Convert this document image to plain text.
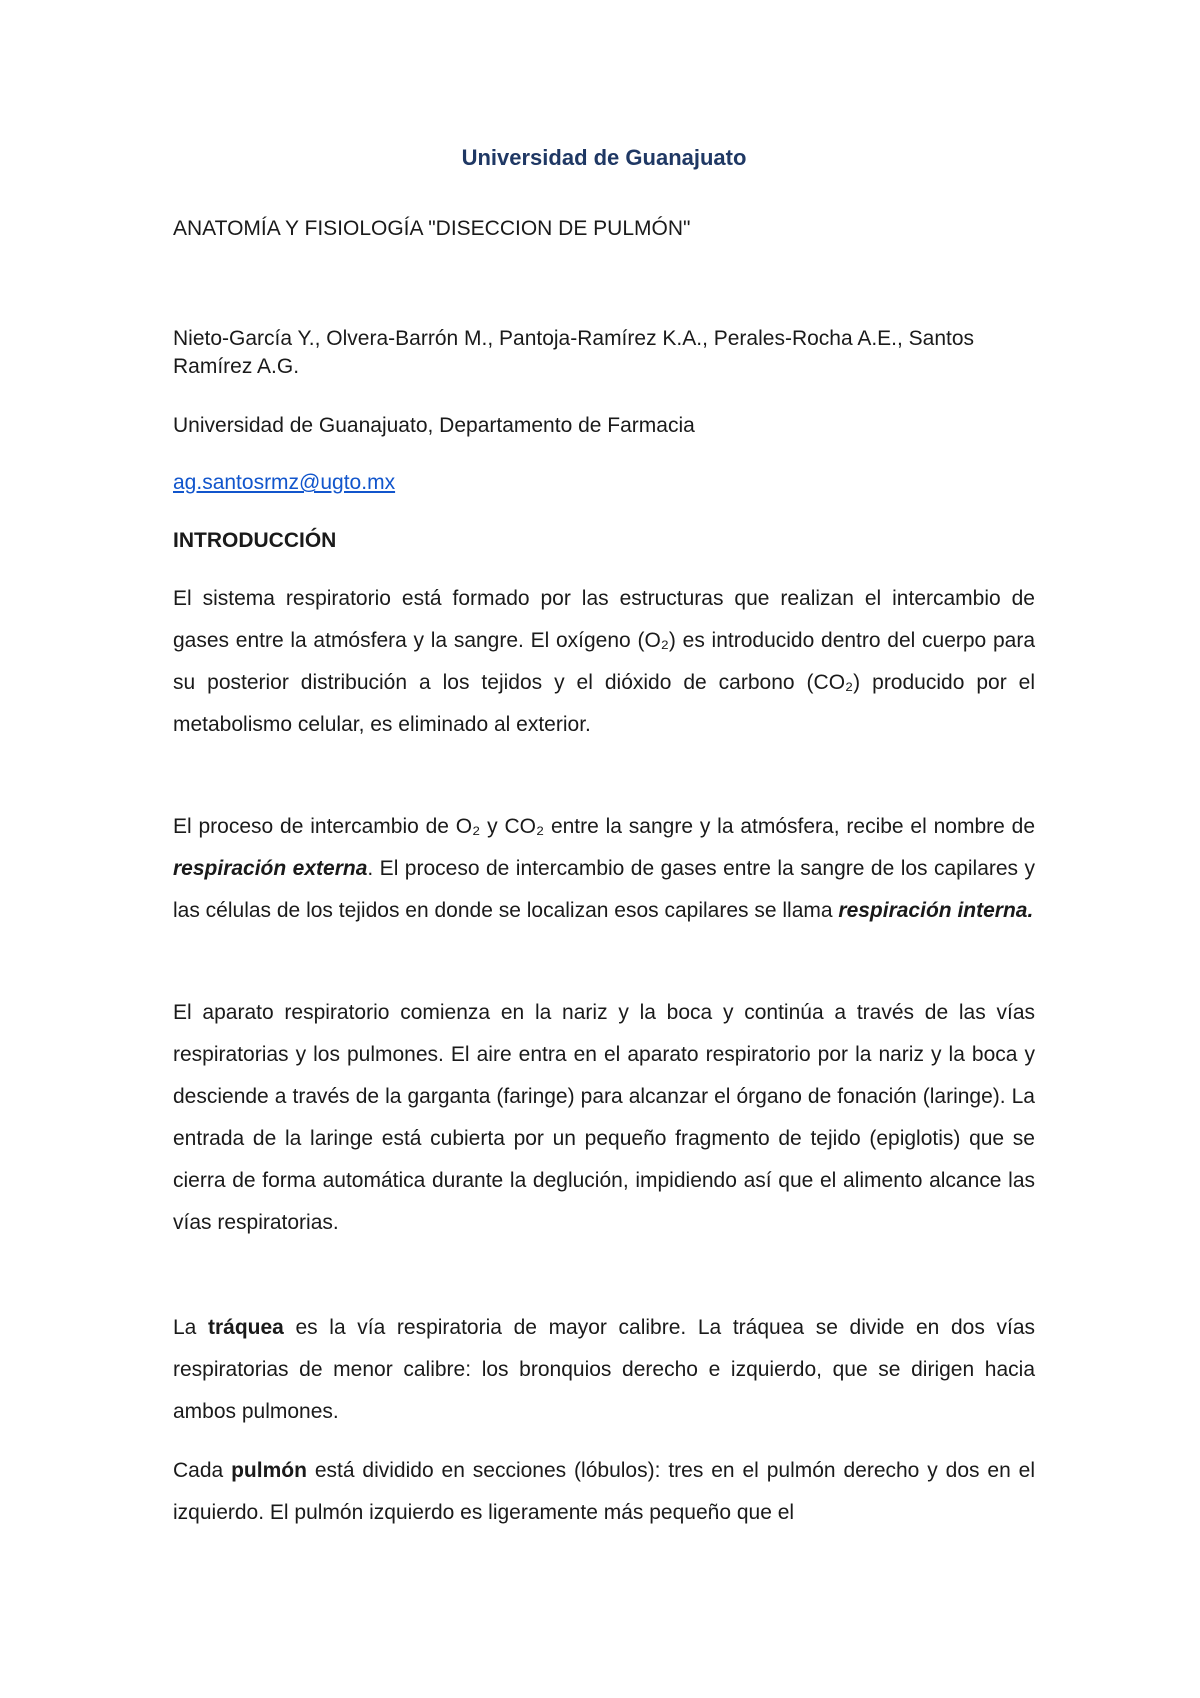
Universidad de Guanajuato
ANATOMÍA Y FISIOLOGÍA "DISECCION DE PULMÓN"
Nieto-García Y., Olvera-Barrón M., Pantoja-Ramírez K.A., Perales-Rocha A.E., Santos Ramírez A.G.
Universidad de Guanajuato, Departamento de Farmacia
ag.santosrmz@ugto.mx
INTRODUCCIÓN

El sistema respiratorio está formado por las estructuras que realizan el intercambio de gases entre la atmósfera y la sangre. El oxígeno (O₂) es introducido dentro del cuerpo para su posterior distribución a los tejidos y el dióxido de carbono (CO₂) producido por el metabolismo celular, es eliminado al exterior.

El proceso de intercambio de O₂ y CO₂ entre la sangre y la atmósfera, recibe el nombre de respiración externa. El proceso de intercambio de gases entre la sangre de los capilares y las células de los tejidos en donde se localizan esos capilares se llama respiración interna.

El aparato respiratorio comienza en la nariz y la boca y continúa a través de las vías respiratorias y los pulmones. El aire entra en el aparato respiratorio por la nariz y la boca y desciende a través de la garganta (faringe) para alcanzar el órgano de fonación (laringe). La entrada de la laringe está cubierta por un pequeño fragmento de tejido (epiglotis) que se cierra de forma automática durante la deglución, impidiendo así que el alimento alcance las vías respiratorias.

La tráquea es la vía respiratoria de mayor calibre. La tráquea se divide en dos vías respiratorias de menor calibre: los bronquios derecho e izquierdo, que se dirigen hacia ambos pulmones.

Cada pulmón está dividido en secciones (lóbulos): tres en el pulmón derecho y dos en el izquierdo. El pulmón izquierdo es ligeramente más pequeño que el
